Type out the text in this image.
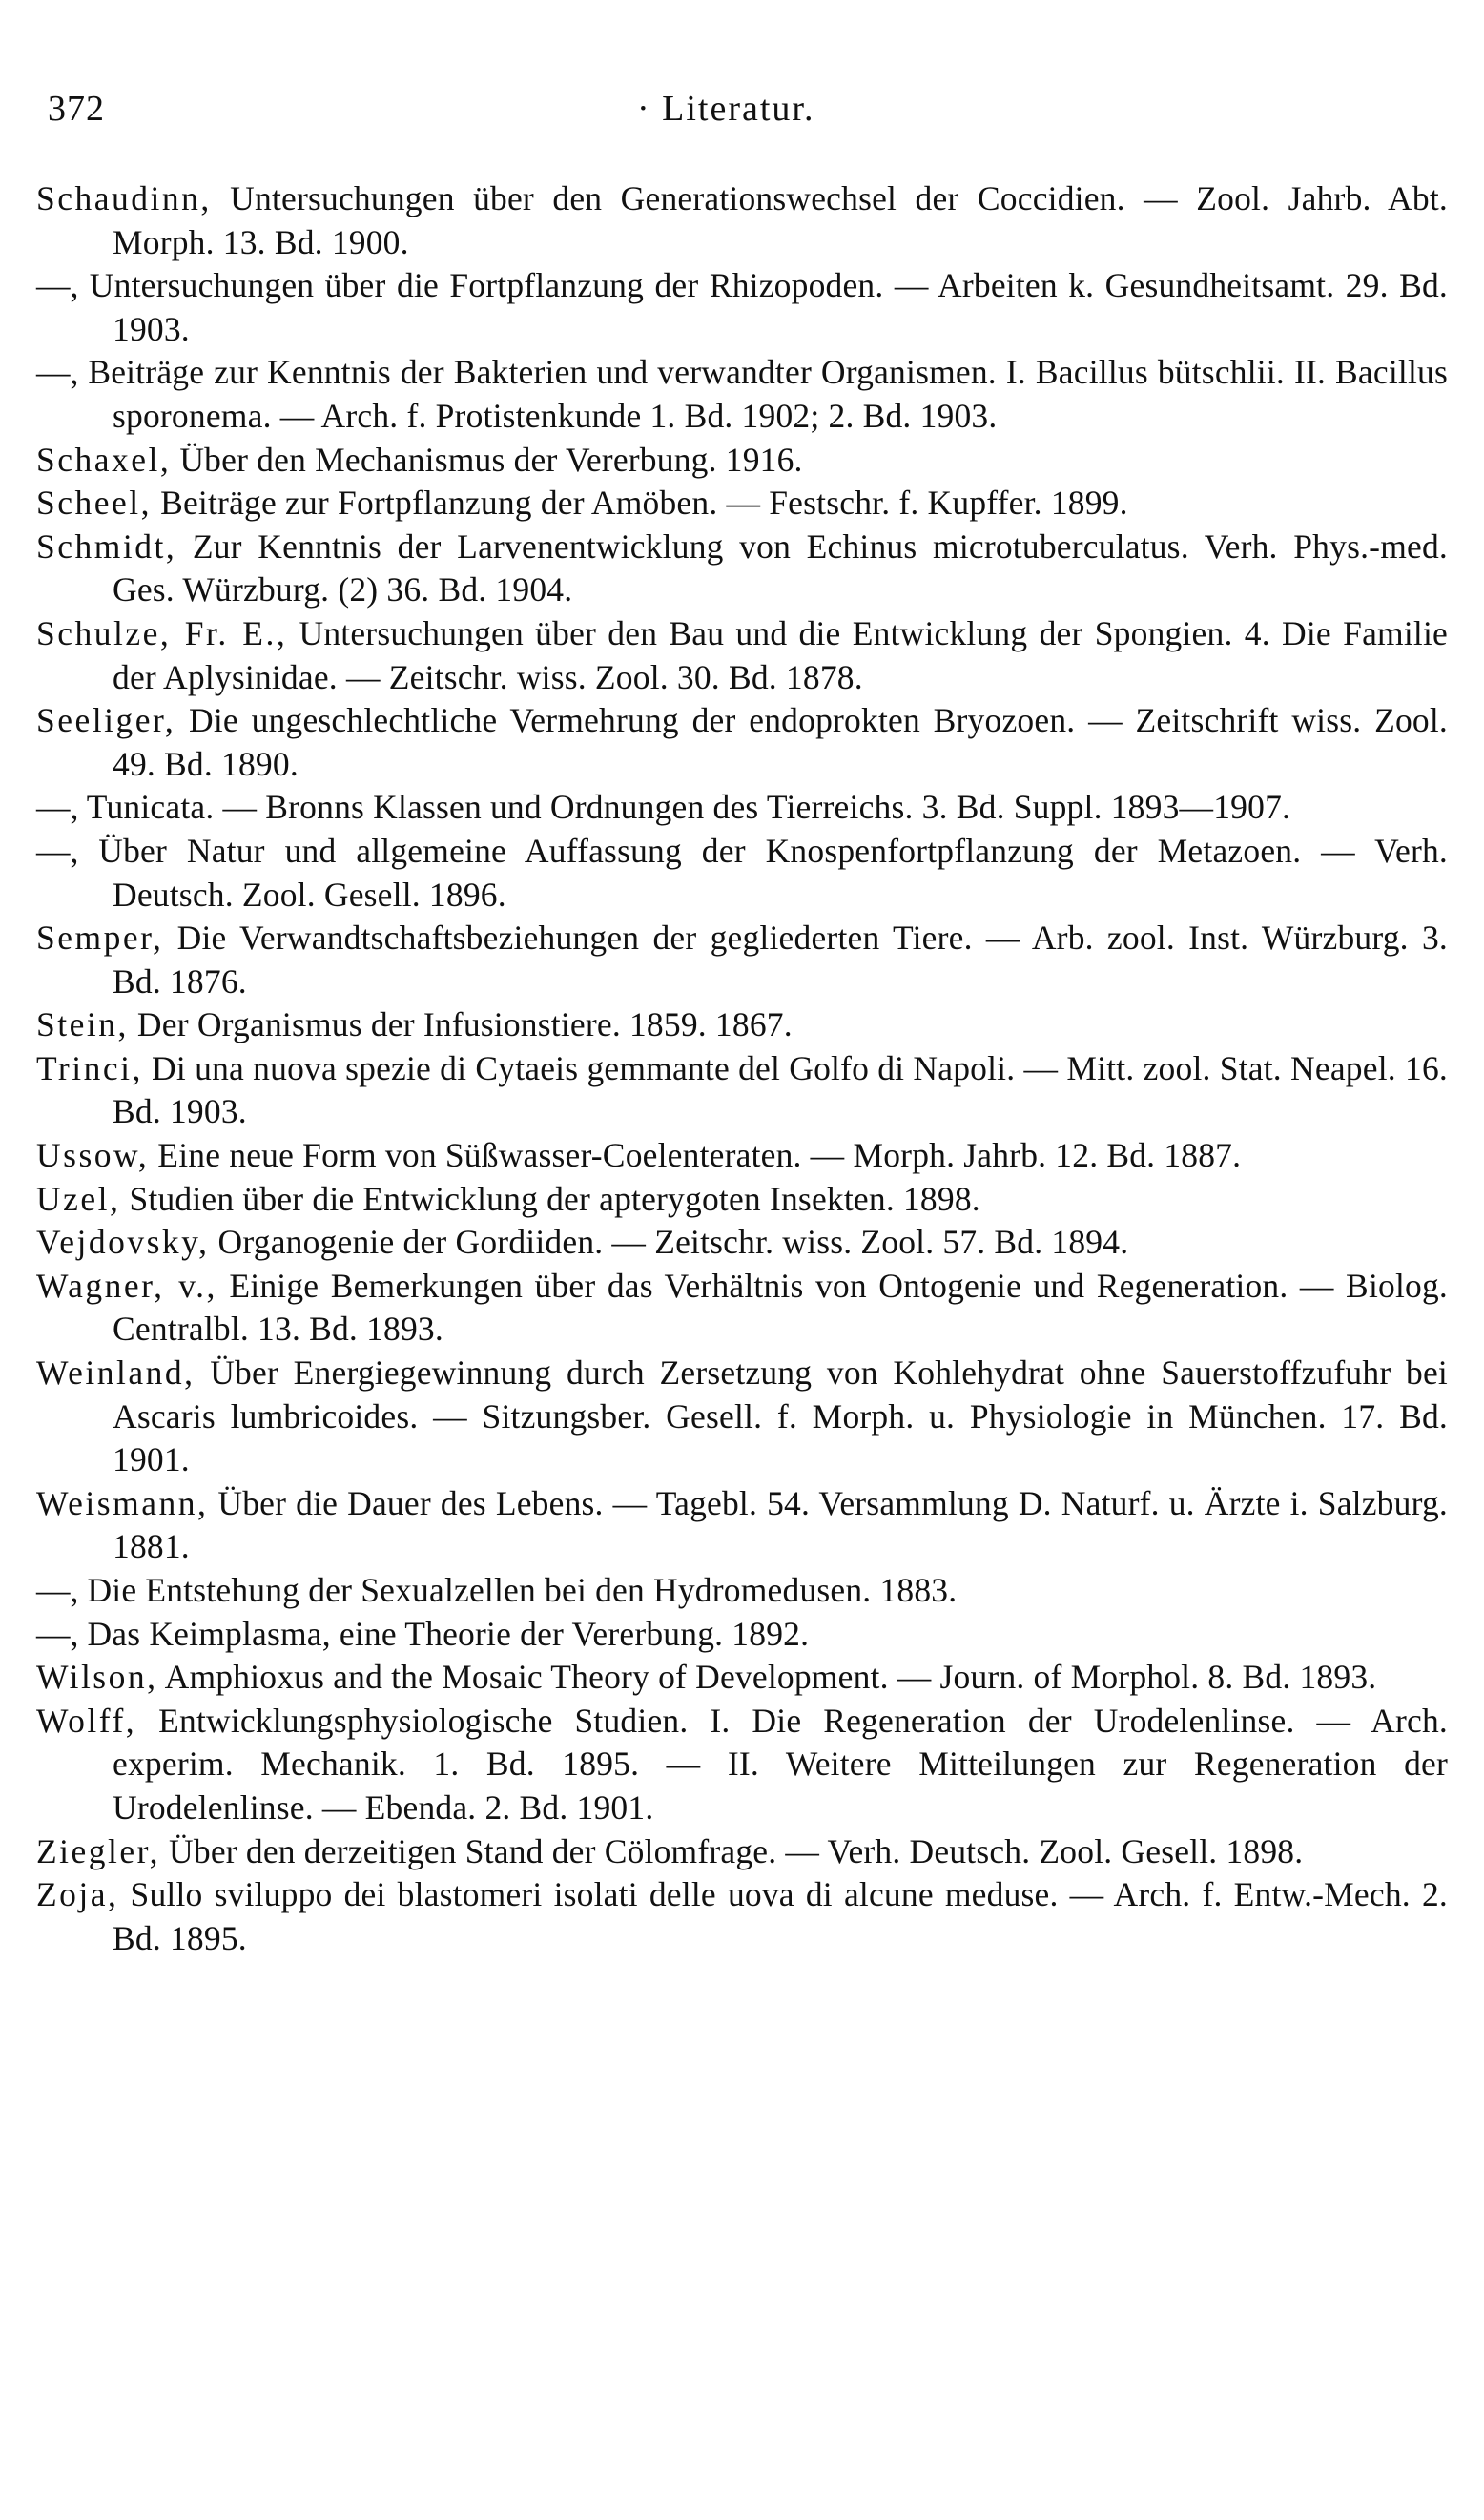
372	· Literatur.

Schaudinn, Untersuchungen über den Generationswechsel der Coccidien. — Zool. Jahrb. Abt. Morph. 13. Bd. 1900.

—, Untersuchungen über die Fortpflanzung der Rhizopoden. — Arbeiten k. Gesundheitsamt. 29. Bd. 1903.

—, Beiträge zur Kenntnis der Bakterien und verwandter Organismen. I. Bacillus bütschlii. II. Bacillus sporonema. — Arch. f. Protistenkunde 1. Bd. 1902; 2. Bd. 1903.

Schaxel, Über den Mechanismus der Vererbung. 1916.

Scheel, Beiträge zur Fortpflanzung der Amöben. — Festschr. f. Kupffer. 1899.

Schmidt, Zur Kenntnis der Larvenentwicklung von Echinus microtuberculatus. Verh. Phys.-med. Ges. Würzburg. (2) 36. Bd. 1904.

Schulze, Fr. E., Untersuchungen über den Bau und die Entwicklung der Spongien. 4. Die Familie der Aplysinidae. — Zeitschr. wiss. Zool. 30. Bd. 1878.

Seeliger, Die ungeschlechtliche Vermehrung der endoprokten Bryozoen. — Zeitschrift wiss. Zool. 49. Bd. 1890.

—, Tunicata. — Bronns Klassen und Ordnungen des Tierreichs. 3. Bd. Suppl. 1893—1907.

—, Über Natur und allgemeine Auffassung der Knospenfortpflanzung der Metazoen. — Verh. Deutsch. Zool. Gesell. 1896.

Semper, Die Verwandtschaftsbeziehungen der gegliederten Tiere. — Arb. zool. Inst. Würzburg. 3. Bd. 1876.

Stein, Der Organismus der Infusionstiere. 1859. 1867.

Trinci, Di una nuova spezie di Cytaeis gemmante del Golfo di Napoli. — Mitt. zool. Stat. Neapel. 16. Bd. 1903.

Ussow, Eine neue Form von Süßwasser-Coelenteraten. — Morph. Jahrb. 12. Bd. 1887.

Uzel, Studien über die Entwicklung der apterygoten Insekten. 1898.

Vejdovsky, Organogenie der Gordiiden. — Zeitschr. wiss. Zool. 57. Bd. 1894.

Wagner, v., Einige Bemerkungen über das Verhältnis von Ontogenie und Regeneration. — Biolog. Centralbl. 13. Bd. 1893.

Weinland, Über Energiegewinnung durch Zersetzung von Kohlehydrat ohne Sauerstoffzufuhr bei Ascaris lumbricoides. — Sitzungsber. Gesell. f. Morph. u. Physiologie in München. 17. Bd. 1901.

Weismann, Über die Dauer des Lebens. — Tagebl. 54. Versammlung D. Naturf. u. Ärzte i. Salzburg. 1881.

—, Die Entstehung der Sexualzellen bei den Hydromedusen. 1883.

—, Das Keimplasma, eine Theorie der Vererbung. 1892.

Wilson, Amphioxus and the Mosaic Theory of Development. — Journ. of Morphol. 8. Bd. 1893.

Wolff, Entwicklungsphysiologische Studien. I. Die Regeneration der Urodelenlinse. — Arch. experim. Mechanik. 1. Bd. 1895. — II. Weitere Mitteilungen zur Regeneration der Urodelenlinse. — Ebenda. 2. Bd. 1901.

Ziegler, Über den derzeitigen Stand der Cölomfrage. — Verh. Deutsch. Zool. Gesell. 1898.

Zoja, Sullo sviluppo dei blastomeri isolati delle uova di alcune meduse. — Arch. f. Entw.-Mech. 2. Bd. 1895.
